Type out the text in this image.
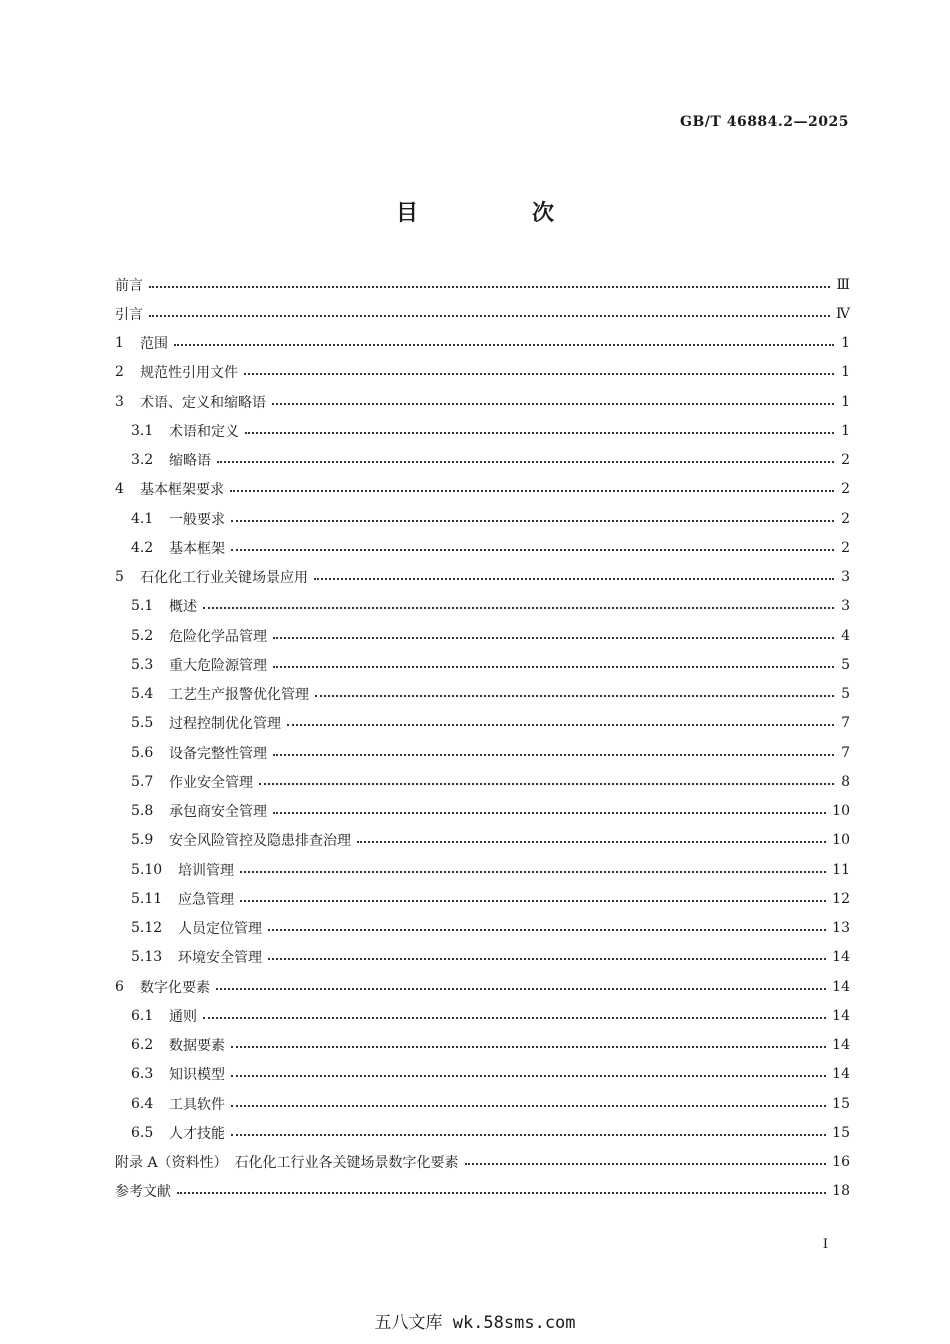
GB/T 46884.2—2025
目　次
前言	Ⅲ
引言	Ⅳ
1	范围	1
2	规范性引用文件	1
3	术语、定义和缩略语	1
3.1	术语和定义	1
3.2	缩略语	2
4	基本框架要求	2
4.1	一般要求	2
4.2	基本框架	2
5	石化化工行业关键场景应用	3
5.1	概述	3
5.2	危险化学品管理	4
5.3	重大危险源管理	5
5.4	工艺生产报警优化管理	5
5.5	过程控制优化管理	7
5.6	设备完整性管理	7
5.7	作业安全管理	8
5.8	承包商安全管理	10
5.9	安全风险管控及隐患排查治理	10
5.10	培训管理	11
5.11	应急管理	12
5.12	人员定位管理	13
5.13	环境安全管理	14
6	数字化要素	14
6.1	通则	14
6.2	数据要素	14
6.3	知识模型	14
6.4	工具软件	15
6.5	人才技能	15
附录 A（资料性）　石化化工行业各关键场景数字化要素	16
参考文献	18
I
五八文库 wk.58sms.com
